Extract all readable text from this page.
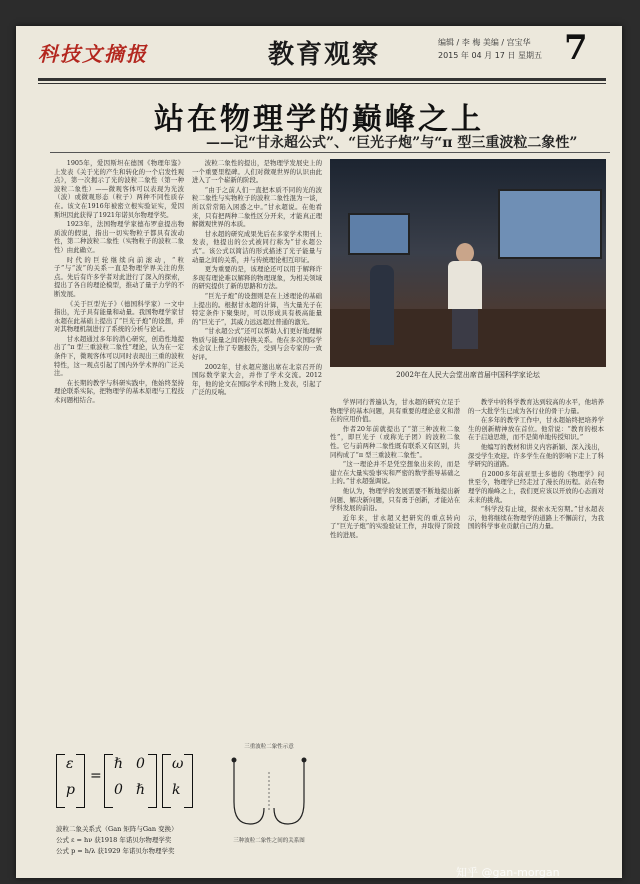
科技文摘报	教育观察	编辑 / 李 梅 美编 / 宫宝华
2015 年 04 月 17 日 星期五 7
站在物理学的巅峰之上
——记“甘永超公式”、“巨光子炮”与“π 型三重波粒二象性”

1905年，爱因斯坦在德国《物理年鉴》上发表《关于光的产生和转化的一个启发性观点》，第一次揭示了光的波粒二象性（第一种波粒二象性）——微观客体可以表现为光波（波）或微观形态（粒子）两种不同性质存在。该文在1916年被密立根实验证实，爱因斯坦因此获得了1921年诺贝尔物理学奖。

1923年，法国物理学家德布罗意提出物质波的假说，指出一切实物粒子都具有波动性，第二种波粒二象性（实物粒子的波粒二象性）由此确立。

时代的巨轮继续向前滚动，“粒子”与“波”的关系一直是物理学界关注的焦点。先后有许多学者对此进行了深入的探索，提出了各自的理论模型，推动了量子力学的不断发展。

《关于巨型光子》（德国科学家）一文中指出，光子具有能量和动量。我国物理学家甘永超在此基础上提出了“巨光子炮”的设想，并对其物理机制进行了系统的分析与论证。

甘永超通过多年的潜心研究，创造性地提出了“π 型三重波粒二象性”理论，认为在一定条件下，微观客体可以同时表现出三重的波粒特性，这一观点引起了国内外学术界的广泛关注。

在长期的教学与科研实践中，他始终坚持理论联系实际，把物理学的基本原理与工程技术问题相结合。

波粒二象性的提出，是物理学发展史上的一个重要里程碑。人们对微观世界的认识由此进入了一个崭新的阶段。

“由于之前人们一直把本质不同的光的波粒二象性与实物粒子的波粒二象性混为一谈，所以常常陷入困惑之中。”甘永超说。在他看来，只有把两种二象性区分开来，才能真正理解微观世界的本质。

甘永超的研究成果先后在多家学术期刊上发表，他提出的公式被同行称为“甘永超公式”。该公式以简洁的形式描述了光子能量与动量之间的关系，并与传统理论相互印证。

更为重要的是，该理论还可以用于解释许多现有理论难以解释的物理现象，为相关领域的研究提供了新的思路和方法。

“巨光子炮”的设想则是在上述理论的基础上提出的。根据甘永超的计算，当大量光子在特定条件下聚集时，可以形成具有极高能量的“巨光子”，其威力远远超过普通的激光。

“甘永超公式”还可以帮助人们更好地理解物质与能量之间的转换关系。他在多次国际学术会议上作了专题报告，受到与会专家的一致好评。

2002年，甘永超应邀出席在北京召开的国际数学家大会，并作了学术交流。2012年，他的论文在国际学术刊物上发表，引起了广泛的反响。

2002年在人民大会堂出席首届中国科学家论坛

学界同行普遍认为，甘永超的研究立足于物理学的基本问题，具有重要的理论意义和潜在的应用价值。

作者20年前就提出了“第三种波粒二象性”，即巨光子（或称光子团）的波粒二象性。它与前两种二象性既有联系又有区别，共同构成了“π 型三重波粒二象性”。

“这一理论并不是凭空想象出来的，而是建立在大量实验事实和严密的数学推导基础之上的。”甘永超强调说。

他认为，物理学的发展需要不断地提出新问题、解决新问题，只有勇于创新，才能站在学科发展的前沿。

近年来，甘永超又把研究的重点转向了“巨光子炮”的实验验证工作，并取得了阶段性的进展。

教学中的科学教育达到较高的水平，他培养的一大批学生已成为各行业的骨干力量。

在多年的教学工作中，甘永超始终把培养学生的创新精神放在首位。他常说：“教育的根本在于启迪思维，而不是简单地传授知识。”

他编写的教材和讲义内容新颖、深入浅出，深受学生欢迎。许多学生在他的影响下走上了科学研究的道路。

自2000多年前亚里士多德的《物理学》问世至今，物理学已经走过了漫长的历程。站在物理学的巅峰之上，我们更应该以开放的心态面对未来的挑战。

“科学没有止境，探索永无穷期。”甘永超表示，他将继续在物理学的道路上不懈前行，为我国的科学事业贡献自己的力量。

ε
p
=
ℏ 0
0 ℏ
ω
k
波粒二象关系式（Gan 矩阵与Gan 变换）
公式 ε = hν 获1918 年诺贝尔物理学奖
公式 p = h/λ 获1929 年诺贝尔物理学奖
三重波粒二象性示意
三种波粒二象性之间的关系图
知乎 @gan-morgan
